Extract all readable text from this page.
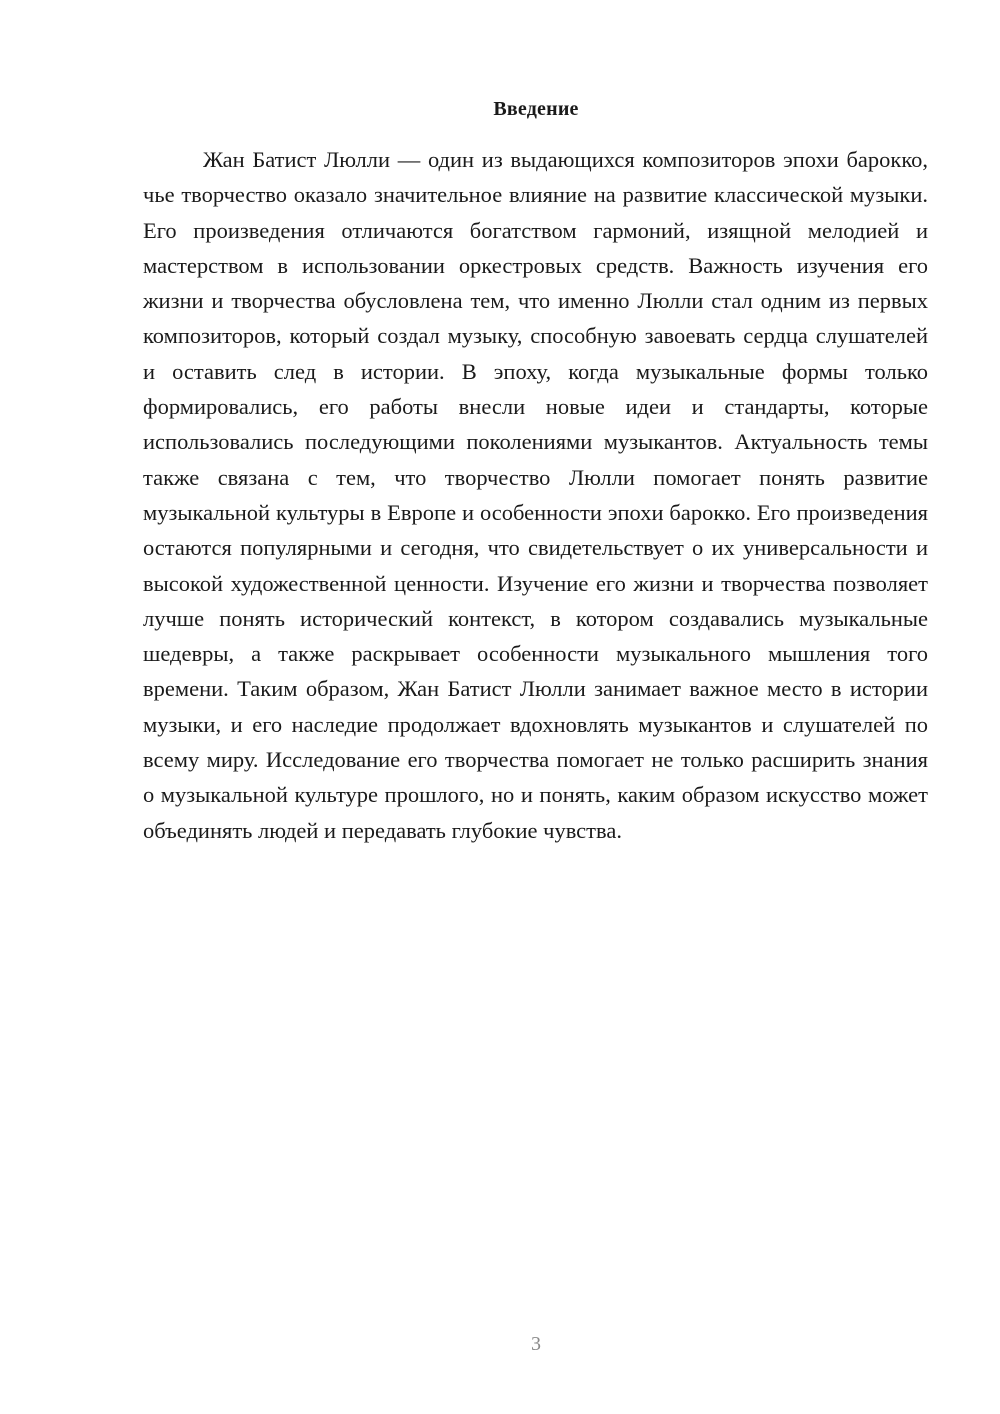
Введение

Жан Батист Люлли — один из выдающихся композиторов эпохи барокко, чье творчество оказало значительное влияние на развитие классической музыки. Его произведения отличаются богатством гармоний, изящной мелодией и мастерством в использовании оркестровых средств. Важность изучения его жизни и творчества обусловлена тем, что именно Люлли стал одним из первых композиторов, который создал музыку, способную завоевать сердца слушателей и оставить след в истории. В эпоху, когда музыкальные формы только формировались, его работы внесли новые идеи и стандарты, которые использовались последующими поколениями музыкантов. Актуальность темы также связана с тем, что творчество Люлли помогает понять развитие музыкальной культуры в Европе и особенности эпохи барокко. Его произведения остаются популярными и сегодня, что свидетельствует о их универсальности и высокой художественной ценности. Изучение его жизни и творчества позволяет лучше понять исторический контекст, в котором создавались музыкальные шедевры, а также раскрывает особенности музыкального мышления того времени. Таким образом, Жан Батист Люлли занимает важное место в истории музыки, и его наследие продолжает вдохновлять музыкантов и слушателей по всему миру. Исследование его творчества помогает не только расширить знания о музыкальной культуре прошлого, но и понять, каким образом искусство может объединять людей и передавать глубокие чувства.

3
